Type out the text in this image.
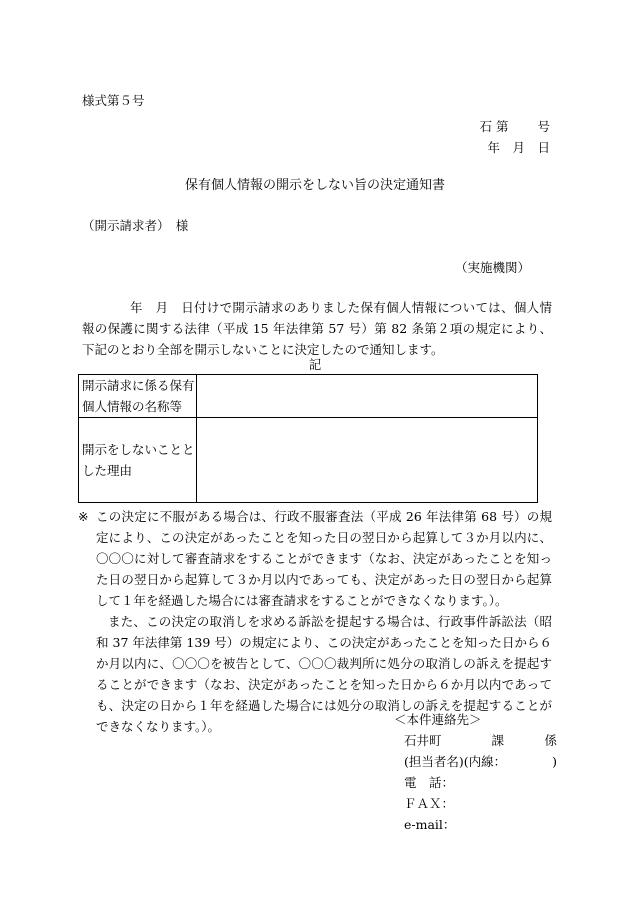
様式第５号

石 第　　 号

年　月　日

保有個人情報の開示をしない旨の決定通知書

（開示請求者）　様

（実施機関）

年　月　日付けで開示請求のありました保有個人情報については、個人情報の保護に関する法律（平成 15 年法律第 57 号）第 82 条第２項の規定により、下記のとおり全部を開示しないことに決定したので通知します。

記

開示請求に係る保有個人情報の名称等	
開示をしないこととした理由	

※ この決定に不服がある場合は、行政不服審査法（平成 26 年法律第 68 号）の規定により、この決定があったことを知った日の翌日から起算して３か月以内に、〇〇〇に対して審査請求をすることができます（なお、決定があったことを知った日の翌日から起算して３か月以内であっても、決定があった日の翌日から起算して１年を経過した場合には審査請求をすることができなくなります。）。

また、この決定の取消しを求める訴訟を提起する場合は、行政事件訴訟法（昭和 37 年法律第 139 号）の規定により、この決定があったことを知った日から６か月以内に、〇〇〇を被告として、〇〇〇裁判所に処分の取消しの訴えを提起することができます（なお、決定があったことを知った日から６か月以内であっても、決定の日から１年を経過した場合には処分の取消しの訴えを提起することができなくなります。）。	＜本件連絡先＞
石井町　　　　課	係
(担当者名)(内線：	)
電　話：
ＦＡＸ：
e-mail：
